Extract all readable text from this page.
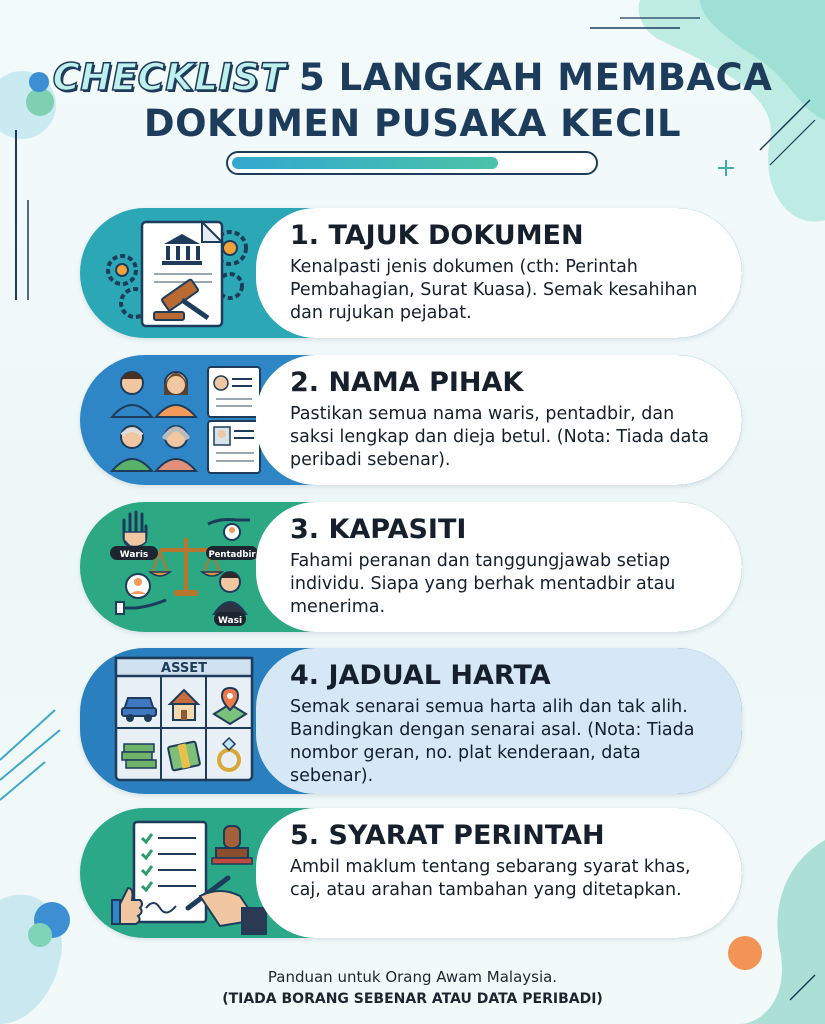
CHECKLIST 5 LANGKAH MEMBACA
DOKUMEN PUSAKA KECIL
1. TAJUK DOKUMEN
Kenalpasti jenis dokumen (cth: Perintah Pembahagian, Surat Kuasa). Semak kesahihan dan rujukan pejabat.
2. NAMA PIHAK
Pastikan semua nama waris, pentadbir, dan saksi lengkap dan dieja betul. (Nota: Tiada data peribadi sebenar).
Waris	Pentadbir
Wasi
3. KAPASITI
Fahami peranan dan tanggungjawab setiap individu. Siapa yang berhak mentadbir atau menerima.
ASSET	4. JADUAL HARTA
Semak senarai semua harta alih dan tak alih. Bandingkan dengan senarai asal. (Nota: Tiada nombor geran, no. plat kenderaan, data sebenar).
5. SYARAT PERINTAH
Ambil maklum tentang sebarang syarat khas, caj, atau arahan tambahan yang ditetapkan.
Panduan untuk Orang Awam Malaysia.
(TIADA BORANG SEBENAR ATAU DATA PERIBADI)
